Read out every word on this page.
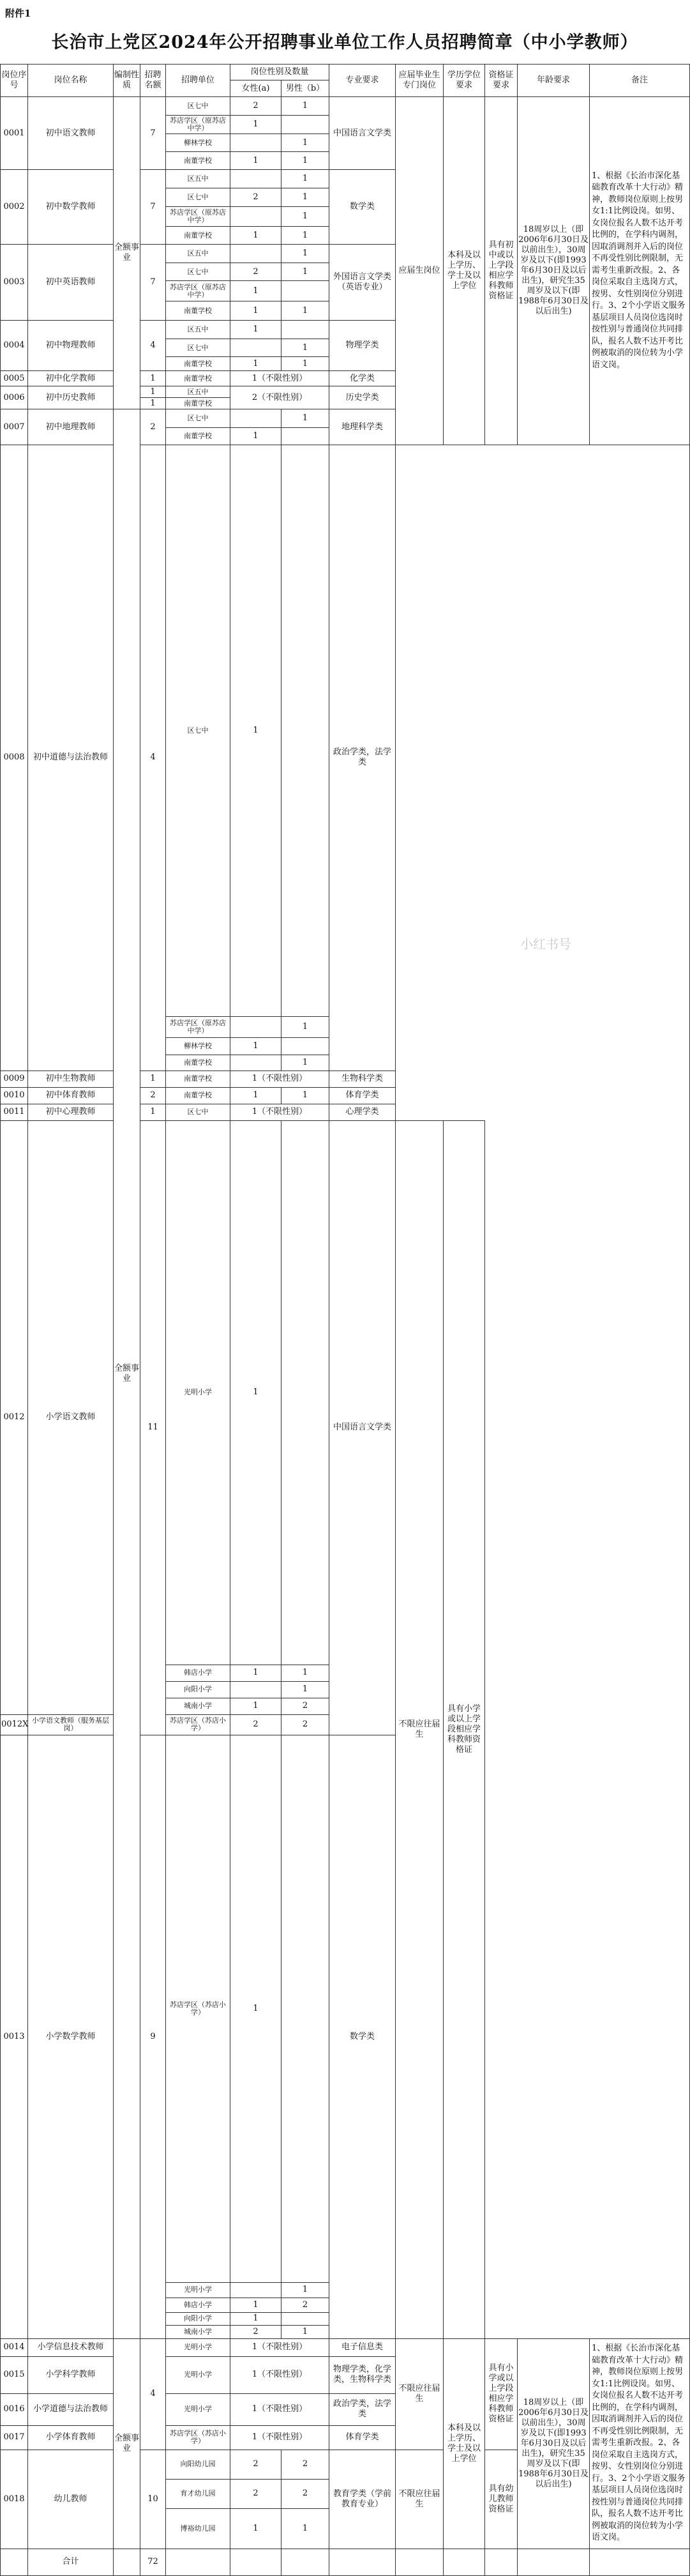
附件1
长治市上党区2024年公开招聘事业单位工作人员招聘简章（中小学教师）
岗位序号	岗位名称	编制性质	招聘名额	招聘单位	岗位性别及数量		专业要求	应届毕业生专门岗位	学历学位要求	资格证要求	年龄要求	备注	
					女性(a)	男性（b）							
0001	初中语文教师	全额事业	7	区七中	2	1	中国语言文学类	应届生岗位	本科及以上学历、学士及以上学位	具有初中或以上学段相应学科教师资格证	18周岁以上（即2006年6月30日及以前出生），30周岁及以下(即1993年6月30日及以后出生)，研究生35周岁及以下(即1988年6月30日及以后出生)	1、根据《长治市深化基础教育改革十大行动》精神，教师岗位原则上按男女1:1比例设岗。如男、女岗位报名人数不达开考比例的，在学科内调剂，因取消调剂并入后的岗位不再受性别比例限制，无需考生重新改报。2、各岗位采取自主选岗方式，按男、女性别岗位分别进行。3、2个小学语文服务基层项目人员岗位选岗时按性别与普通岗位共同排队，报名人数不达开考比例被取消的岗位转为小学语文岗。	
				苏店学区（原苏店中学）	1								
				柳林学校		1							
				南董学校	1	1							
0002	初中数学教师		7	区五中		1	数学类						
				区七中	2	1							
				苏店学区（原苏店中学）		1							
				南董学校	1	1							
0003	初中英语教师		7	区五中		1	外国语言文学类（英语专业）						
				区七中	2	1							
				苏店学区（原苏店中学）	1								
				南董学校	1	1							
0004	初中物理教师		4	区五中	1		物理学类						
				区七中		1							
				南董学校	1	1							
0005	初中化学教师		1	南董学校	1（不限性别）		化学类						
0006	初中历史教师		1	区五中	2（不限性别）		历史学类						
			1	南董学校									
0007	初中地理教师	全额事业	2	区七中		1	地理科学类					
				南董学校	1								
0008	初中道德与法治教师		4	区七中	1		政治学类，法学类						
				苏店学区（原苏店中学）		1							
				柳林学校	1								
				南董学校		1							
0009	初中生物教师		1	南董学校	1（不限性别）		生物科学类						
0010	初中体育教师		2	南董学校	1	1	体育学类						
0011	初中心理教师		1	区七中	1（不限性别）		心理学类						
0012	小学语文教师		11	光明小学	1		中国语言文学类	不限应往届生	具有小学或以上学段相应学科教师资格证				
				韩店小学	1	1							
				向阳小学		1							
				城南小学	1	2							
0012X	小学语文教师（服务基层岗）			苏店学区（苏店小学）	2	2							
0013	小学数学教师		9	苏店学区（苏店小学）	1		数学类						
				光明小学		1							
				韩店小学	1	2							
				向阳小学	1								
				城南小学	2	1							
0014	小学信息技术教师	全额事业	4	光明小学	1（不限性别）		电子信息类	不限应往届生	本科及以上学历、学士及以上学位	具有小学或以上学段相应学科教师资格证	18周岁以上（即2006年6月30日及以前出生），30周岁及以下(即1993年6月30日及以后出生)，研究生35周岁及以下(即1988年6月30日及以后出生)	1、根据《长治市深化基础教育改革十大行动》精神，教师岗位原则上按男女1:1比例设岗。如男、女岗位报名人数不达开考比例的，在学科内调剂，因取消调剂并入后的岗位不再受性别比例限制，无需考生重新改报。2、各岗位采取自主选岗方式，按男、女性别岗位分别进行。3、2个小学语文服务基层项目人员岗位选岗时按性别与普通岗位共同排队，报名人数不达开考比例被取消的岗位转为小学语文岗。	
0015	小学科学教师			光明小学	1（不限性别）		物理学类，化学类，生物科学类						
0016	小学道德与法治教师			光明小学	1（不限性别）		政治学类，法学类						
0017	小学体育教师			苏店学区（苏店小学）	1（不限性别）		体育学类						
0018	幼儿教师		10	向阳幼儿园	2	2	教育学类（学前教育专业）	不限应往届生		具有幼儿教师资格证			
				育才幼儿园	2	2							
				博裕幼儿园	1	1							
	合计		72										
小红书号
